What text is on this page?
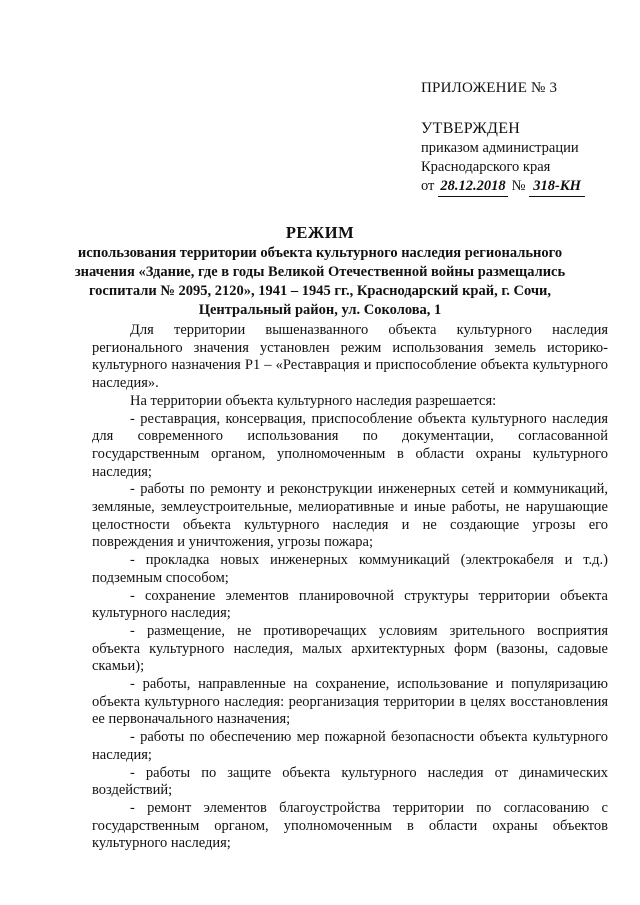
ПРИЛОЖЕНИЕ № 3
УТВЕРЖДЕН
приказом администрации
Краснодарского края
от 28.12.2018 № 318-КН
РЕЖИМ
использования территории объекта культурного наследия регионального
значения «Здание, где в годы Великой Отечественной войны размещались
госпитали № 2095, 2120», 1941 – 1945 гг., Краснодарский край, г. Сочи,
Центральный район, ул. Соколова, 1

Для территории вышеназванного объекта культурного наследия регионального значения установлен режим использования земель историко-культурного назначения Р1 – «Реставрация и приспособление объекта культурного наследия».

На территории объекта культурного наследия разрешается:

- реставрация, консервация, приспособление объекта культурного наследия для современного использования по документации, согласованной государственным органом, уполномоченным в области охраны культурного наследия;

- работы по ремонту и реконструкции инженерных сетей и коммуникаций, земляные, землеустроительные, мелиоративные и иные работы, не нарушающие целостности объекта культурного наследия и не создающие угрозы его повреждения и уничтожения, угрозы пожара;

- прокладка новых инженерных коммуникаций (электрокабеля и т.д.) подземным способом;

- сохранение элементов планировочной структуры территории объекта культурного наследия;

- размещение, не противоречащих условиям зрительного восприятия объекта культурного наследия, малых архитектурных форм (вазоны, садовые скамьи);

- работы, направленные на сохранение, использование и популяризацию объекта культурного наследия: реорганизация территории в целях восстановления ее первоначального назначения;

- работы по обеспечению мер пожарной безопасности объекта культурного наследия;

- работы по защите объекта культурного наследия от динамических воздействий;

- ремонт элементов благоустройства территории по согласованию с государственным органом, уполномоченным в области охраны объектов культурного наследия;
